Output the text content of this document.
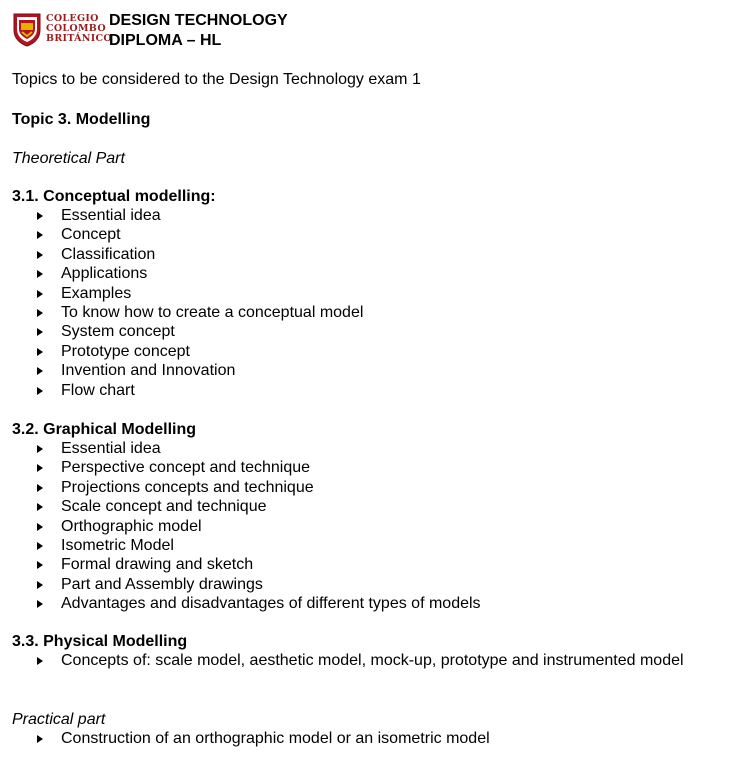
COLEGIO
COLOMBO
BRITÁNICO
DESIGN TECHNOLOGY
DIPLOMA – HL
Topics to be considered to the Design Technology exam 1
Topic 3. Modelling
Theoretical Part
3.1. Conceptual modelling:
Essential idea
Concept
Classification
Applications
Examples
To know how to create a conceptual model
System concept
Prototype concept
Invention and Innovation
Flow chart
3.2. Graphical Modelling
Essential idea
Perspective concept and technique
Projections concepts and technique
Scale concept and technique
Orthographic model
Isometric Model
Formal drawing and sketch
Part and Assembly drawings
Advantages and disadvantages of different types of models
3.3. Physical Modelling
Concepts of: scale model, aesthetic model, mock-up, prototype and instrumented model
Practical part
Construction of an orthographic model or an isometric model
